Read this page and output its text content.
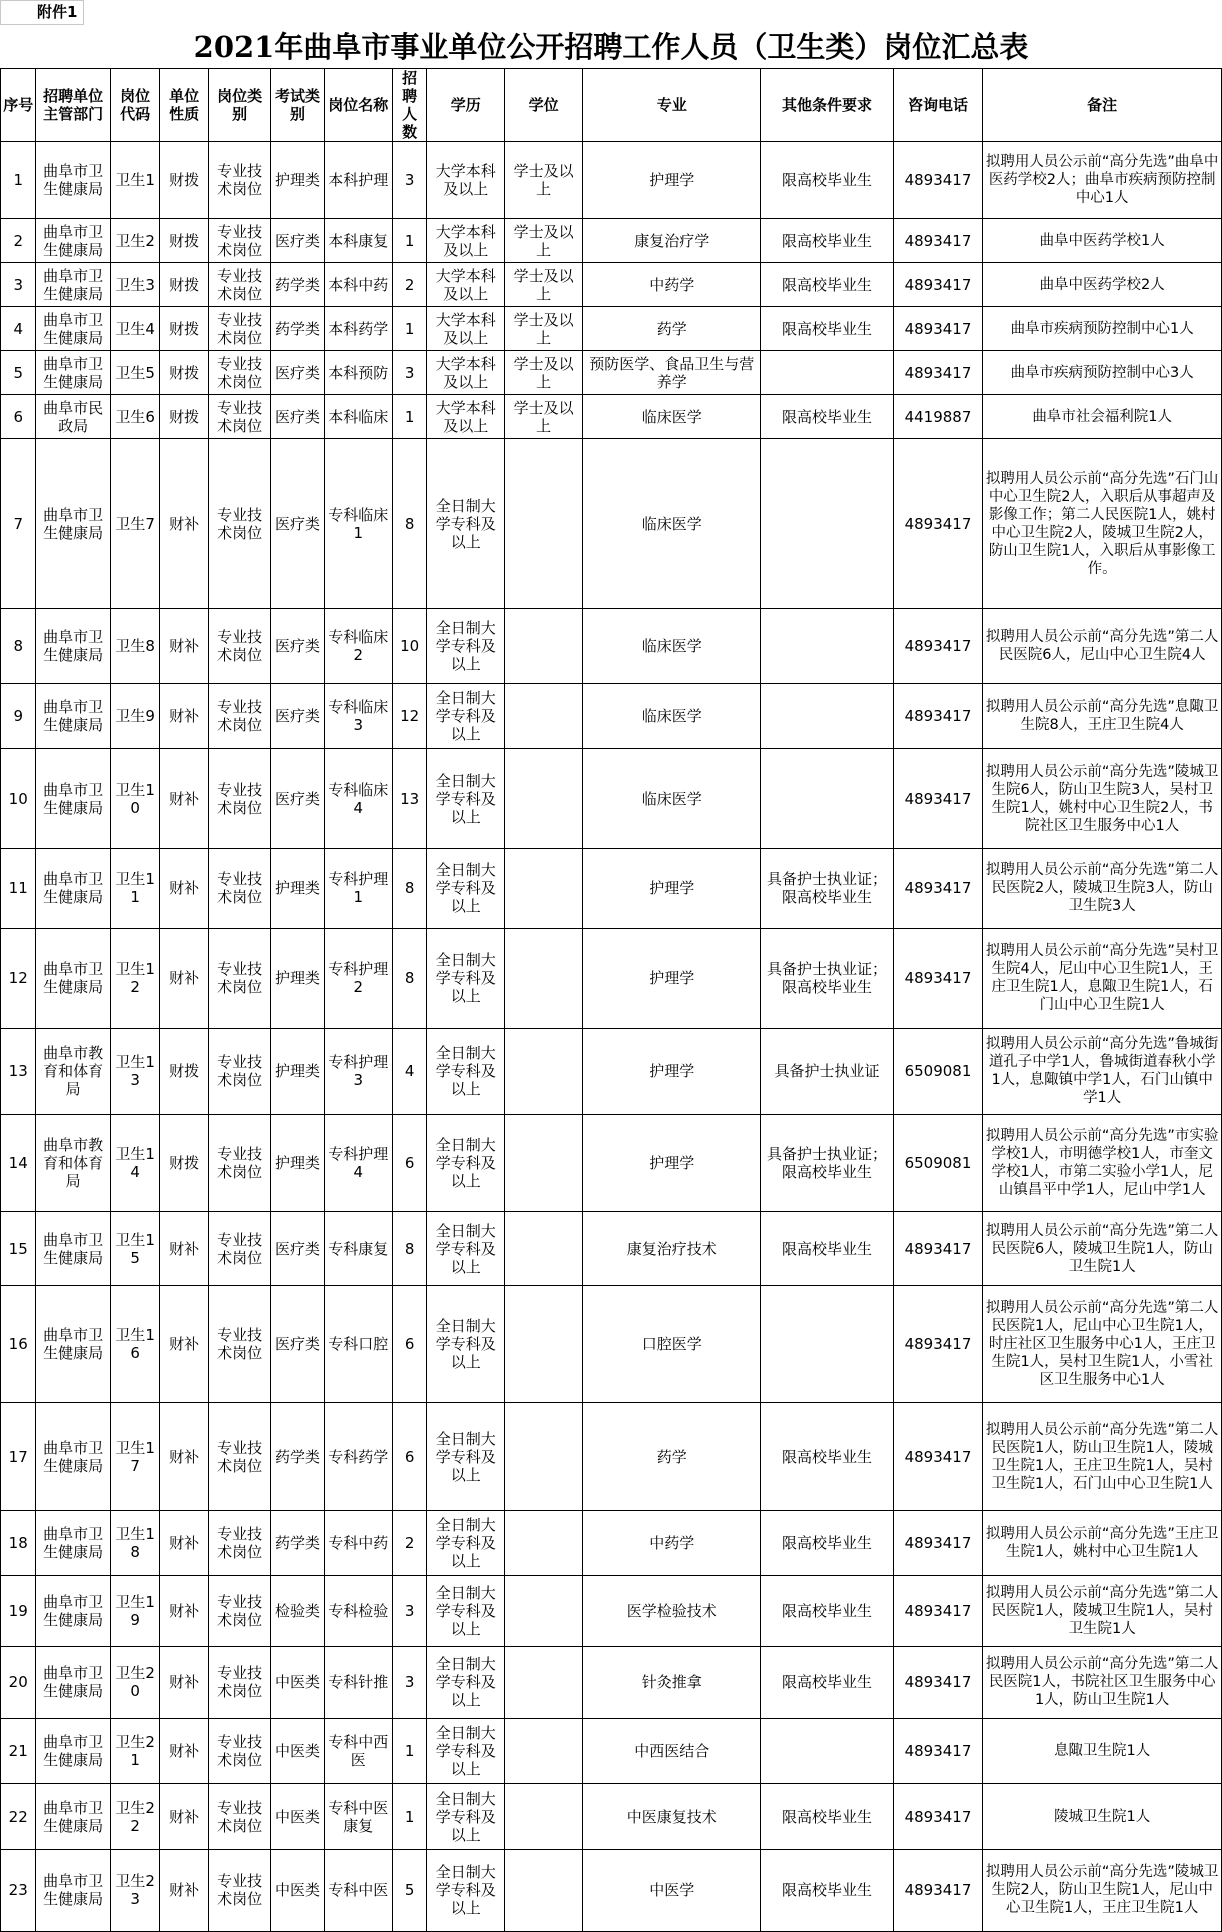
附件1
2021年曲阜市事业单位公开招聘工作人员（卫生类）岗位汇总表
序号	招聘单位主管部门	岗位代码	单位性质	岗位类别	考试类别	岗位名称	招聘人数	学历	学位	专业	其他条件要求	咨询电话	备注
1	曲阜市卫生健康局	卫生1	财拨	专业技术岗位	护理类	本科护理	3	大学本科及以上	学士及以上	护理学	限高校毕业生	4893417	拟聘用人员公示前“高分先选”曲阜中医药学校2人；曲阜市疾病预防控制中心1人
2	曲阜市卫生健康局	卫生2	财拨	专业技术岗位	医疗类	本科康复	1	大学本科及以上	学士及以上	康复治疗学	限高校毕业生	4893417	曲阜中医药学校1人
3	曲阜市卫生健康局	卫生3	财拨	专业技术岗位	药学类	本科中药	2	大学本科及以上	学士及以上	中药学	限高校毕业生	4893417	曲阜中医药学校2人
4	曲阜市卫生健康局	卫生4	财拨	专业技术岗位	药学类	本科药学	1	大学本科及以上	学士及以上	药学	限高校毕业生	4893417	曲阜市疾病预防控制中心1人
5	曲阜市卫生健康局	卫生5	财拨	专业技术岗位	医疗类	本科预防	3	大学本科及以上	学士及以上	预防医学、食品卫生与营养学		4893417	曲阜市疾病预防控制中心3人
6	曲阜市民政局	卫生6	财拨	专业技术岗位	医疗类	本科临床	1	大学本科及以上	学士及以上	临床医学	限高校毕业生	4419887	曲阜市社会福利院1人
7	曲阜市卫生健康局	卫生7	财补	专业技术岗位	医疗类	专科临床1	8	全日制大学专科及以上		临床医学		4893417	拟聘用人员公示前“高分先选”石门山中心卫生院2人，入职后从事超声及影像工作；第二人民医院1人，姚村中心卫生院2人，陵城卫生院2人，防山卫生院1人，入职后从事影像工作。
8	曲阜市卫生健康局	卫生8	财补	专业技术岗位	医疗类	专科临床2	10	全日制大学专科及以上		临床医学		4893417	拟聘用人员公示前“高分先选”第二人民医院6人，尼山中心卫生院4人
9	曲阜市卫生健康局	卫生9	财补	专业技术岗位	医疗类	专科临床3	12	全日制大学专科及以上		临床医学		4893417	拟聘用人员公示前“高分先选”息陬卫生院8人，王庄卫生院4人
10	曲阜市卫生健康局	卫生10	财补	专业技术岗位	医疗类	专科临床4	13	全日制大学专科及以上		临床医学		4893417	拟聘用人员公示前“高分先选”陵城卫生院6人，防山卫生院3人，吴村卫生院1人，姚村中心卫生院2人，书院社区卫生服务中心1人
11	曲阜市卫生健康局	卫生11	财补	专业技术岗位	护理类	专科护理1	8	全日制大学专科及以上		护理学	具备护士执业证；限高校毕业生	4893417	拟聘用人员公示前“高分先选”第二人民医院2人，陵城卫生院3人，防山卫生院3人
12	曲阜市卫生健康局	卫生12	财补	专业技术岗位	护理类	专科护理2	8	全日制大学专科及以上		护理学	具备护士执业证；限高校毕业生	4893417	拟聘用人员公示前“高分先选”吴村卫生院4人，尼山中心卫生院1人，王庄卫生院1人，息陬卫生院1人，石门山中心卫生院1人
13	曲阜市教育和体育局	卫生13	财拨	专业技术岗位	护理类	专科护理3	4	全日制大学专科及以上		护理学	具备护士执业证	6509081	拟聘用人员公示前“高分先选”鲁城街道孔子中学1人，鲁城街道春秋小学1人，息陬镇中学1人，石门山镇中学1人
14	曲阜市教育和体育局	卫生14	财拨	专业技术岗位	护理类	专科护理4	6	全日制大学专科及以上		护理学	具备护士执业证；限高校毕业生	6509081	拟聘用人员公示前“高分先选”市实验学校1人，市明德学校1人，市奎文学校1人，市第二实验小学1人，尼山镇昌平中学1人，尼山中学1人
15	曲阜市卫生健康局	卫生15	财补	专业技术岗位	医疗类	专科康复	8	全日制大学专科及以上		康复治疗技术	限高校毕业生	4893417	拟聘用人员公示前“高分先选”第二人民医院6人，陵城卫生院1人，防山卫生院1人
16	曲阜市卫生健康局	卫生16	财补	专业技术岗位	医疗类	专科口腔	6	全日制大学专科及以上		口腔医学		4893417	拟聘用人员公示前“高分先选”第二人民医院1人，尼山中心卫生院1人，时庄社区卫生服务中心1人，王庄卫生院1人，吴村卫生院1人，小雪社区卫生服务中心1人
17	曲阜市卫生健康局	卫生17	财补	专业技术岗位	药学类	专科药学	6	全日制大学专科及以上		药学	限高校毕业生	4893417	拟聘用人员公示前“高分先选”第二人民医院1人，防山卫生院1人，陵城卫生院1人，王庄卫生院1人，吴村卫生院1人，石门山中心卫生院1人
18	曲阜市卫生健康局	卫生18	财补	专业技术岗位	药学类	专科中药	2	全日制大学专科及以上		中药学	限高校毕业生	4893417	拟聘用人员公示前“高分先选”王庄卫生院1人，姚村中心卫生院1人
19	曲阜市卫生健康局	卫生19	财补	专业技术岗位	检验类	专科检验	3	全日制大学专科及以上		医学检验技术	限高校毕业生	4893417	拟聘用人员公示前“高分先选”第二人民医院1人，陵城卫生院1人，吴村卫生院1人
20	曲阜市卫生健康局	卫生20	财补	专业技术岗位	中医类	专科针推	3	全日制大学专科及以上		针灸推拿	限高校毕业生	4893417	拟聘用人员公示前“高分先选”第二人民医院1人，书院社区卫生服务中心1人，防山卫生院1人
21	曲阜市卫生健康局	卫生21	财补	专业技术岗位	中医类	专科中西医	1	全日制大学专科及以上		中西医结合		4893417	息陬卫生院1人
22	曲阜市卫生健康局	卫生22	财补	专业技术岗位	中医类	专科中医康复	1	全日制大学专科及以上		中医康复技术	限高校毕业生	4893417	陵城卫生院1人
23	曲阜市卫生健康局	卫生23	财补	专业技术岗位	中医类	专科中医	5	全日制大学专科及以上		中医学	限高校毕业生	4893417	拟聘用人员公示前“高分先选”陵城卫生院2人，防山卫生院1人，尼山中心卫生院1人，王庄卫生院1人
